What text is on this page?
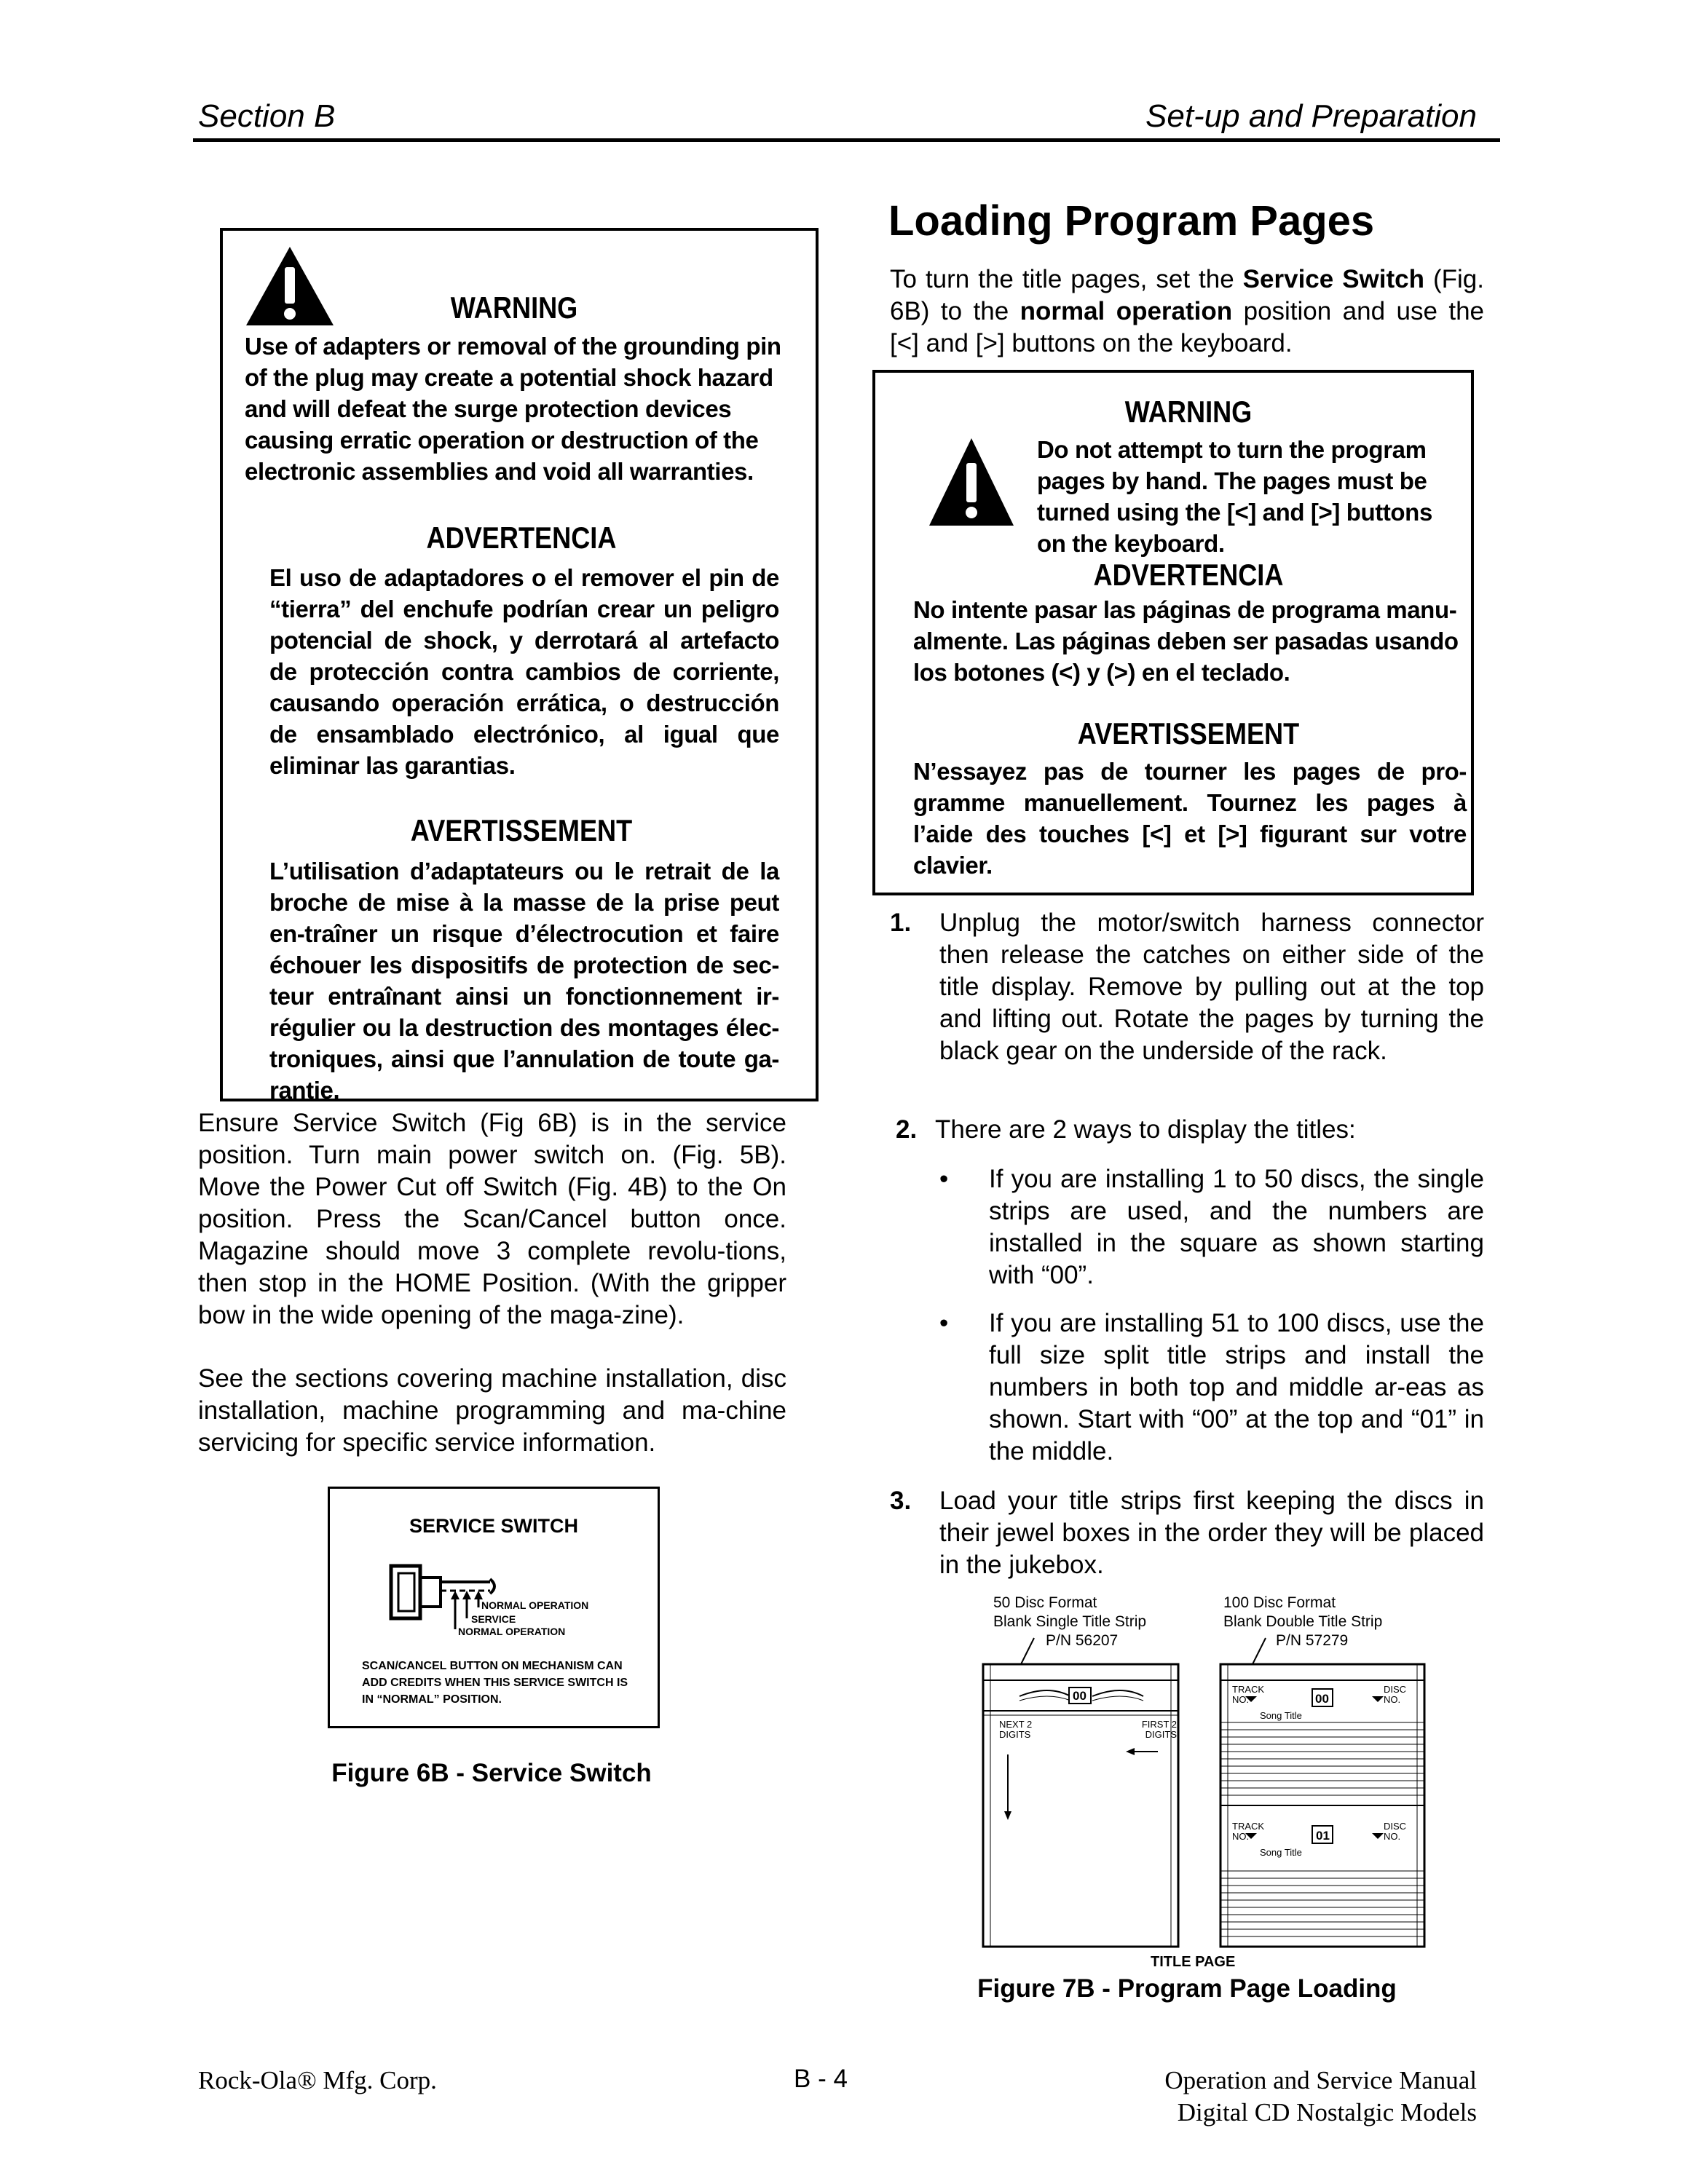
Section B	Set-up and Preparation
WARNING
Use of adapters or removal of the grounding pin of the plug may create a potential shock hazard and will defeat the surge protection devices causing erratic operation or destruction of the electronic assemblies and void all warranties.
ADVERTENCIA
El uso de adaptadores o el remover el pin de “tierra” del enchufe podrían crear un peligro potencial de shock, y derrotará al artefacto de protección contra cambios de corriente, causando operación errática, o destrucción de ensamblado electrónico, al igual que eliminar las garantias.
AVERTISSEMENT
L’utilisation d’adaptateurs ou le retrait de la broche de mise à la masse de la prise peut en-traîner un risque d’électrocution et faire échouer les dispositifs de protection de sec-teur entraînant ainsi un fonctionnement ir-régulier ou la destruction des montages élec-troniques, ainsi que l’annulation de toute ga-rantie.
Ensure Service Switch (Fig 6B) is in the service position. Turn main power switch on. (Fig. 5B). Move the Power Cut off Switch (Fig. 4B) to the On position. Press the Scan/Cancel button once. Magazine should move 3 complete revolu-tions, then stop in the HOME Position. (With the gripper bow in the wide opening of the maga-zine).
See the sections covering machine installation, disc installation, machine programming and ma-chine servicing for specific service information.
SERVICE SWITCH
NORMAL OPERATION
SERVICE
NORMAL OPERATION
SCAN/CANCEL BUTTON ON MECHANISM CAN ADD CREDITS WHEN THIS SERVICE SWITCH IS IN “NORMAL” POSITION.
Figure 6B - Service Switch
Loading Program Pages
To turn the title pages, set the Service Switch (Fig. 6B) to the normal operation position and use the [<] and [>] buttons on the keyboard.
WARNING
Do not attempt to turn the program pages by hand. The pages must be turned using the [<] and [>] buttons on the keyboard.
ADVERTENCIA
No intente pasar las páginas de programa manu-almente. Las páginas deben ser pasadas usando los botones (<) y (>) en el teclado.
AVERTISSEMENT
N’essayez pas de tourner les pages de pro-gramme manuellement. Tournez les pages à l’aide des touches [<] et [>] figurant sur votre clavier.
1. Unplug the motor/switch harness connector then release the catches on either side of the title display. Remove by pulling out at the top and lifting out. Rotate the pages by turning the black gear on the underside of the rack.
2. There are 2 ways to display the titles:
• If you are installing 1 to 50 discs, the single strips are used, and the numbers are installed in the square as shown starting with “00”.
• If you are installing 51 to 100 discs, use the full size split title strips and install the numbers in both top and middle ar-eas as shown. Start with “00” at the top and “01” in the middle.
3. Load your title strips first keeping the discs in their jewel boxes in the order they will be placed in the jukebox.
50 Disc Format
Blank Single Title Strip
P/N 56207
100 Disc Format
Blank Double Title Strip
P/N 57279
00	00
01
NEXT 2 DIGITS
FIRST 2 DIGITS
TRACK NO.
DISC NO.
Song Title
TRACK NO.
DISC NO.
Song Title
TITLE PAGE
Figure 7B - Program Page Loading
Rock-Ola® Mfg. Corp.	B - 4	Operation and Service Manual
Digital CD Nostalgic Models
